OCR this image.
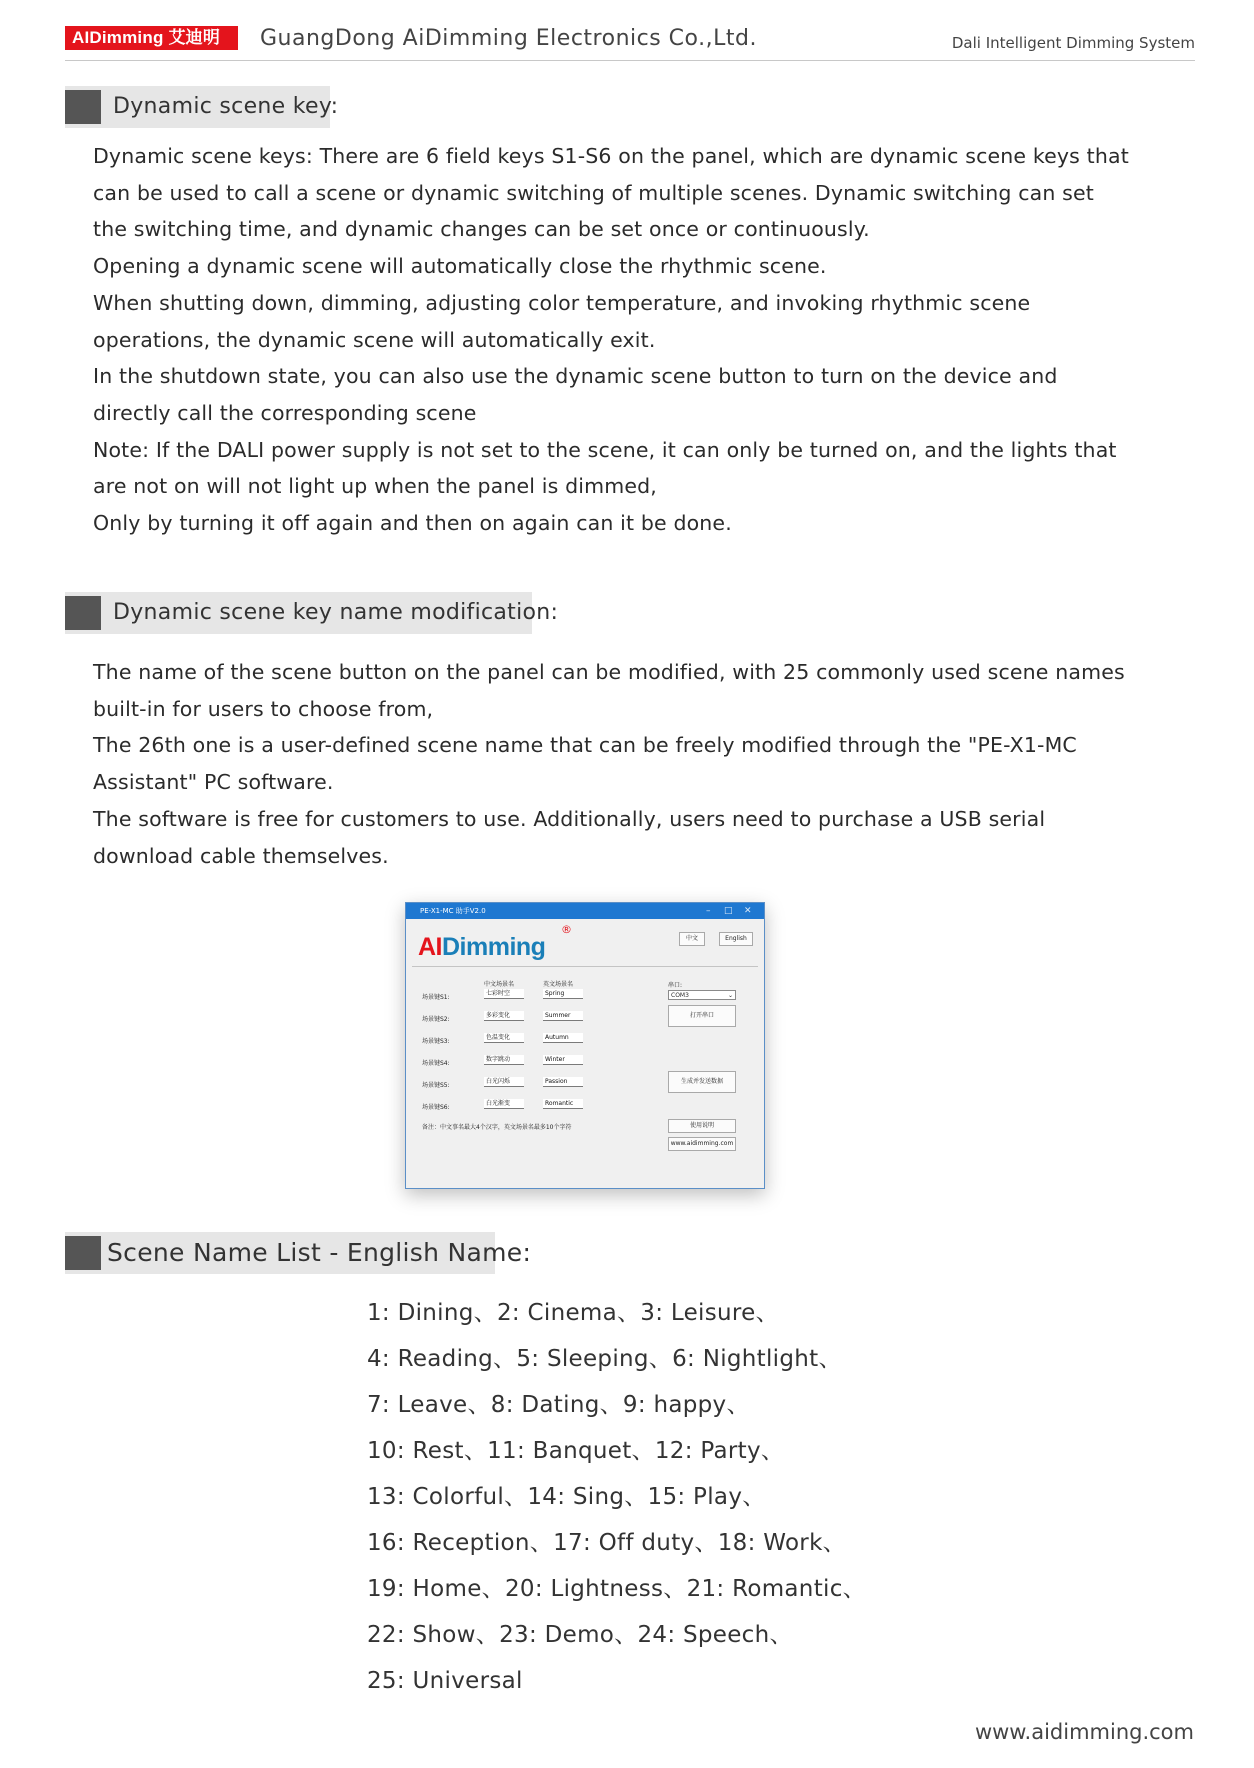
AIDimming 艾迪明	GuangDong AiDimming Electronics Co.,Ltd.	Dali Intelligent Dimming System
Dynamic scene key:

Dynamic scene keys: There are 6 field keys S1-S6 on the panel, which are dynamic scene keys that can be used to call a scene or dynamic switching of multiple scenes. Dynamic switching can set the switching time, and dynamic changes can be set once or continuously.

Opening a dynamic scene will automatically close the rhythmic scene.

When shutting down, dimming, adjusting color temperature, and invoking rhythmic scene operations, the dynamic scene will automatically exit.

In the shutdown state, you can also use the dynamic scene button to turn on the device and directly call the corresponding scene

Note: If the DALI power supply is not set to the scene, it can only be turned on, and the lights that are not on will not light up when the panel is dimmed,

Only by turning it off again and then on again can it be done.

Dynamic scene key name modification:

The name of the scene button on the panel can be modified, with 25 commonly used scene names built-in for users to choose from,

The 26th one is a user-defined scene name that can be freely modified through the "PE-X1-MC Assistant" PC software.

The software is free for customers to use. Additionally, users need to purchase a USB serial download cable themselves.

PE-X1-MC 助手V2.0	– □ ✕
AIDimming
®
中文	English
中文场景名	英文场景名
场景键S1:
七彩时空	Spring
场景键S2:
多彩变化	Summer
场景键S3:
色温变化	Autumn
场景键S4:
数字跳动	Winter
场景键S5:
白光闪烁	Passion
场景键S6:
白光渐变	Romantic
串口:
COM3	⌄
打开串口
生成并发送数据
备注：中文事名最大4个汉字，英文场景名最多10个字符	使用说明
www.aidimming.com
Scene Name List - English Name:
1: Dining、2: Cinema、3: Leisure、
4: Reading、5: Sleeping、6: Nightlight、
7: Leave、8: Dating、9: happy、
10: Rest、11: Banquet、12: Party、
13: Colorful、14: Sing、15: Play、
16: Reception、17: Off duty、18: Work、
19: Home、20: Lightness、21: Romantic、
22: Show、23: Demo、24: Speech、
25: Universal
www.aidimming.com
